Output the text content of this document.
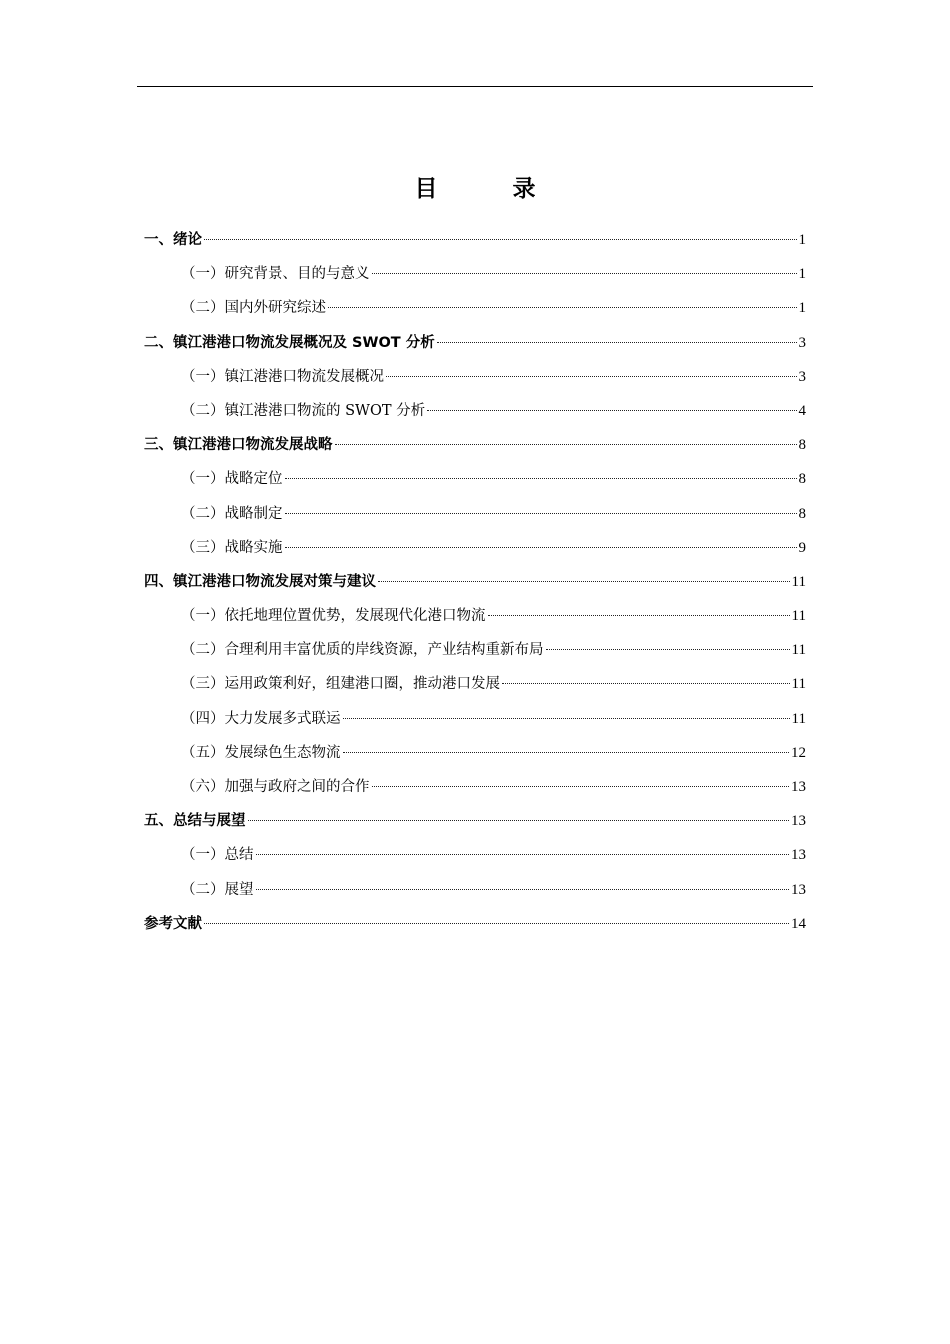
目　录
一、绪论	1
（一）研究背景、目的与意义	1
（二）国内外研究综述	1
二、镇江港港口物流发展概况及 SWOT 分析	3
（一）镇江港港口物流发展概况	3
（二）镇江港港口物流的 SWOT 分析	4
三、镇江港港口物流发展战略	8
（一）战略定位	8
（二）战略制定	8
（三）战略实施	9
四、镇江港港口物流发展对策与建议	11
（一）依托地理位置优势，发展现代化港口物流	11
（二）合理利用丰富优质的岸线资源，产业结构重新布局	11
（三）运用政策利好，组建港口圈，推动港口发展	11
（四）大力发展多式联运	11
（五）发展绿色生态物流	12
（六）加强与政府之间的合作	13
五、总结与展望	13
（一）总结	13
（二）展望	13
参考文献	14
